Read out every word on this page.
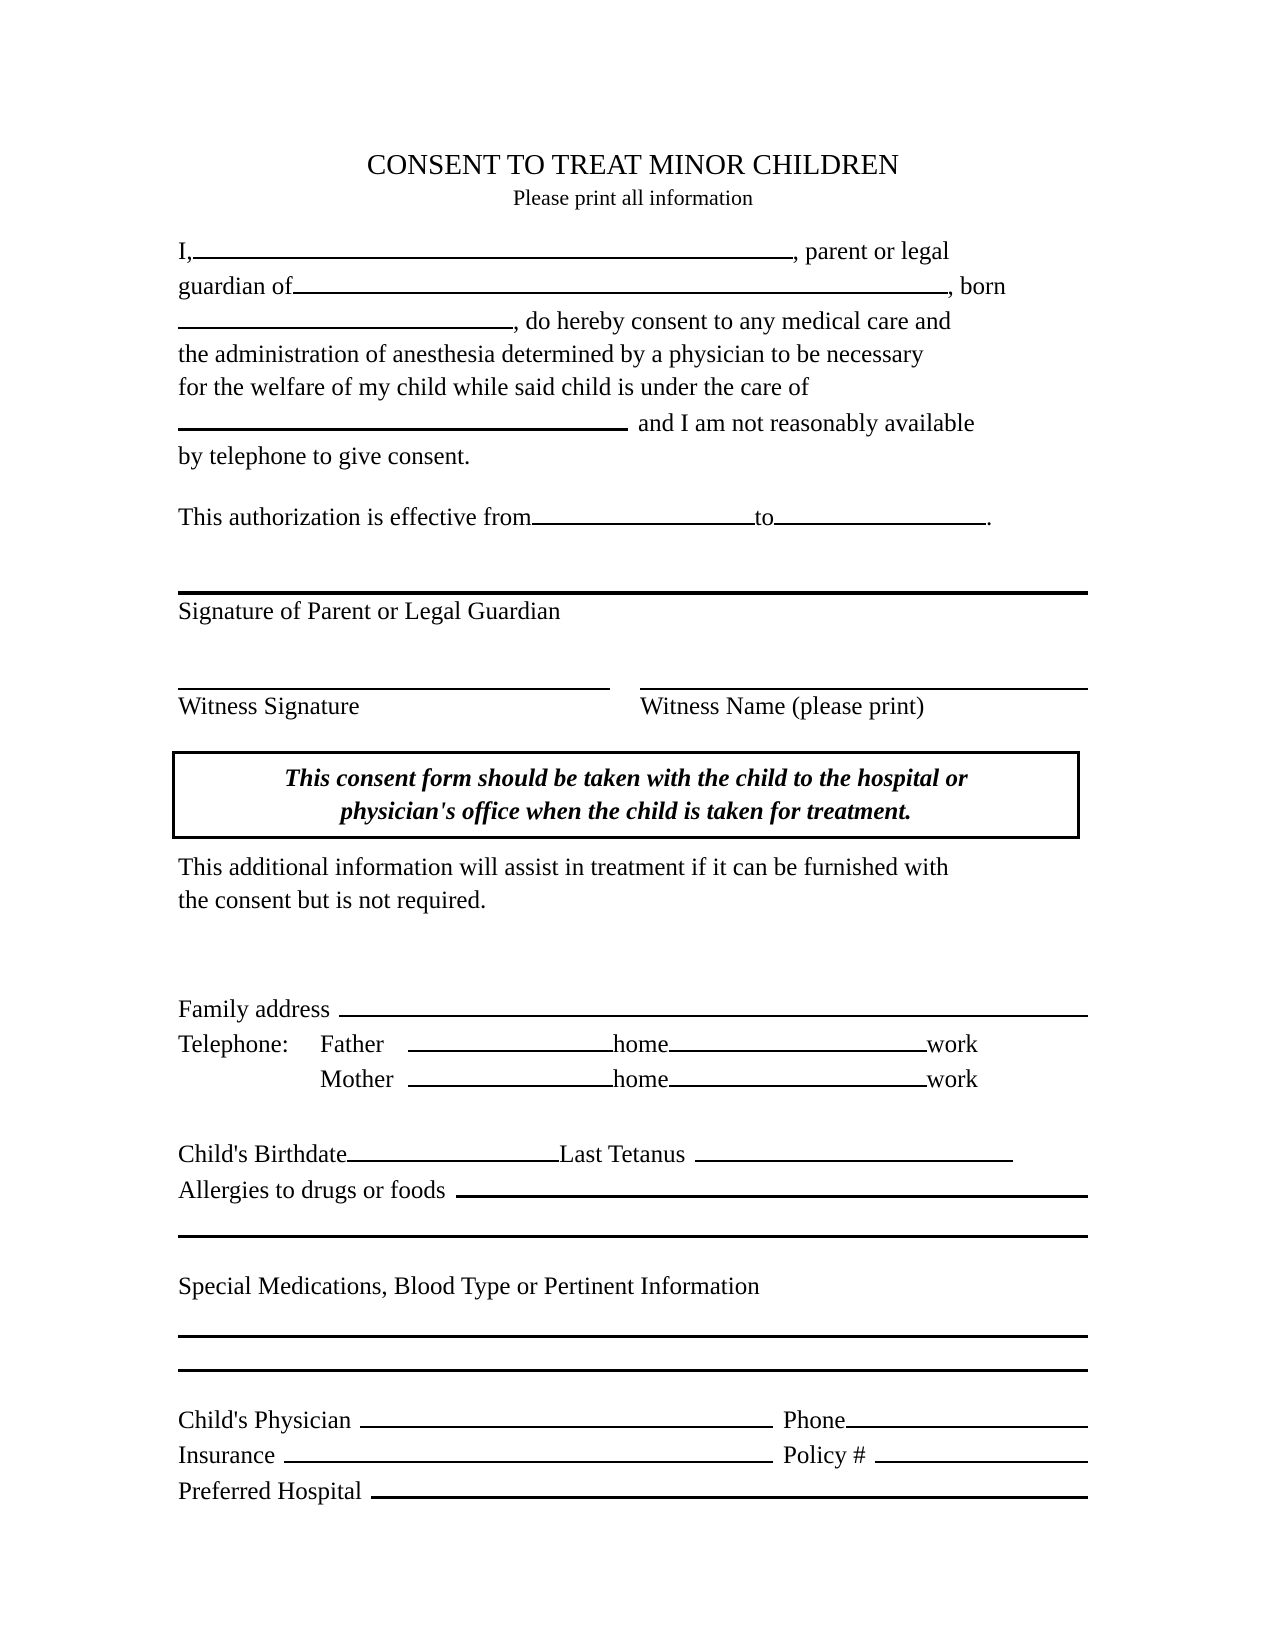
CONSENT TO TREAT MINOR CHILDREN
Please print all information
I,	, parent or legal
guardian of	, born
, do hereby consent to any medical care and
the administration of anesthesia determined by a physician to be necessary
for the welfare of my child while said child is under the care of
and I am not reasonably available
by telephone to give consent.
This authorization is effective from	to	.
Signature of Parent or Legal Guardian
Witness Signature	Witness Name (please print)
This consent form should be taken with the child to the hospital or
physician's office when the child is taken for treatment.
This additional information will assist in treatment if it can be furnished with
the consent but is not required.
Family address
Telephone:	Father	home	work
Mother	home	work
Child's Birthdate	Last Tetanus
Allergies to drugs or foods
Special Medications, Blood Type or Pertinent Information
Child's Physician	Phone
Insurance	Policy #
Preferred Hospital
